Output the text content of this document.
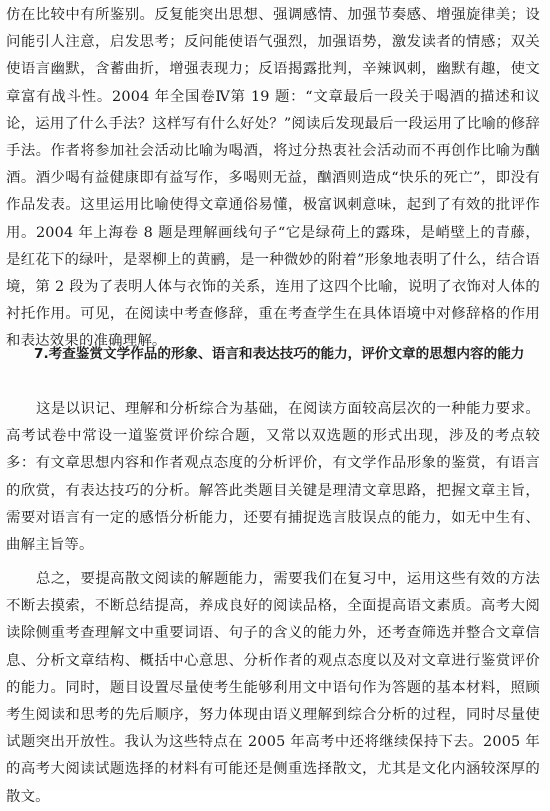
仿在比较中有所鉴别。反复能突出思想、强调感情、加强节奏感、增强旋律美；设问能引人注意，启发思考；反问能使语气强烈，加强语势，激发读者的情感；双关使语言幽默，含蓄曲折，增强表现力；反语揭露批判，辛辣讽刺，幽默有趣，使文章富有战斗性。2004 年全国卷Ⅳ第 19 题：“文章最后一段关于喝酒的描述和议论，运用了什么手法？这样写有什么好处？”阅读后发现最后一段运用了比喻的修辞手法。作者将参加社会活动比喻为喝酒，将过分热衷社会活动而不再创作比喻为酗酒。酒少喝有益健康即有益写作，多喝则无益，酗酒则造成“快乐的死亡”，即没有作品发表。这里运用比喻使得文章通俗易懂，极富讽刺意味，起到了有效的批评作用。2004 年上海卷 8 题是理解画线句子“它是绿荷上的露珠，是峭壁上的青藤，是红花下的绿叶，是翠柳上的黄鹂，是一种微妙的附着”形象地表明了什么，结合语境，第 2 段为了表明人体与衣饰的关系，连用了这四个比喻，说明了衣饰对人体的衬托作用。可见，在阅读中考查修辞，重在考查学生在具体语境中对修辞格的作用和表达效果的准确理解。

7.考查鉴赏文学作品的形象、语言和表达技巧的能力，评价文章的思想内容的能力

这是以识记、理解和分析综合为基础，在阅读方面较高层次的一种能力要求。高考试卷中常设一道鉴赏评价综合题，又常以双选题的形式出现，涉及的考点较多：有文章思想内容和作者观点态度的分析评价，有文学作品形象的鉴赏，有语言的欣赏，有表达技巧的分析。解答此类题目关键是理清文章思路，把握文章主旨，需要对语言有一定的感悟分析能力，还要有捕捉选言肢误点的能力，如无中生有、曲解主旨等。

总之，要提高散文阅读的解题能力，需要我们在复习中，运用这些有效的方法不断去摸索，不断总结提高，养成良好的阅读品格，全面提高语文素质。高考大阅读除侧重考查理解文中重要词语、句子的含义的能力外，还考查筛选并整合文章信息、分析文章结构、概括中心意思、分析作者的观点态度以及对文章进行鉴赏评价的能力。同时，题目设置尽量使考生能够利用文中语句作为答题的基本材料，照顾考生阅读和思考的先后顺序，努力体现由语义理解到综合分析的过程，同时尽量使试题突出开放性。我认为这些特点在 2005 年高考中还将继续保持下去。2005 年的高考大阅读试题选择的材料有可能还是侧重选择散文，尤其是文化内涵较深厚的散文。
